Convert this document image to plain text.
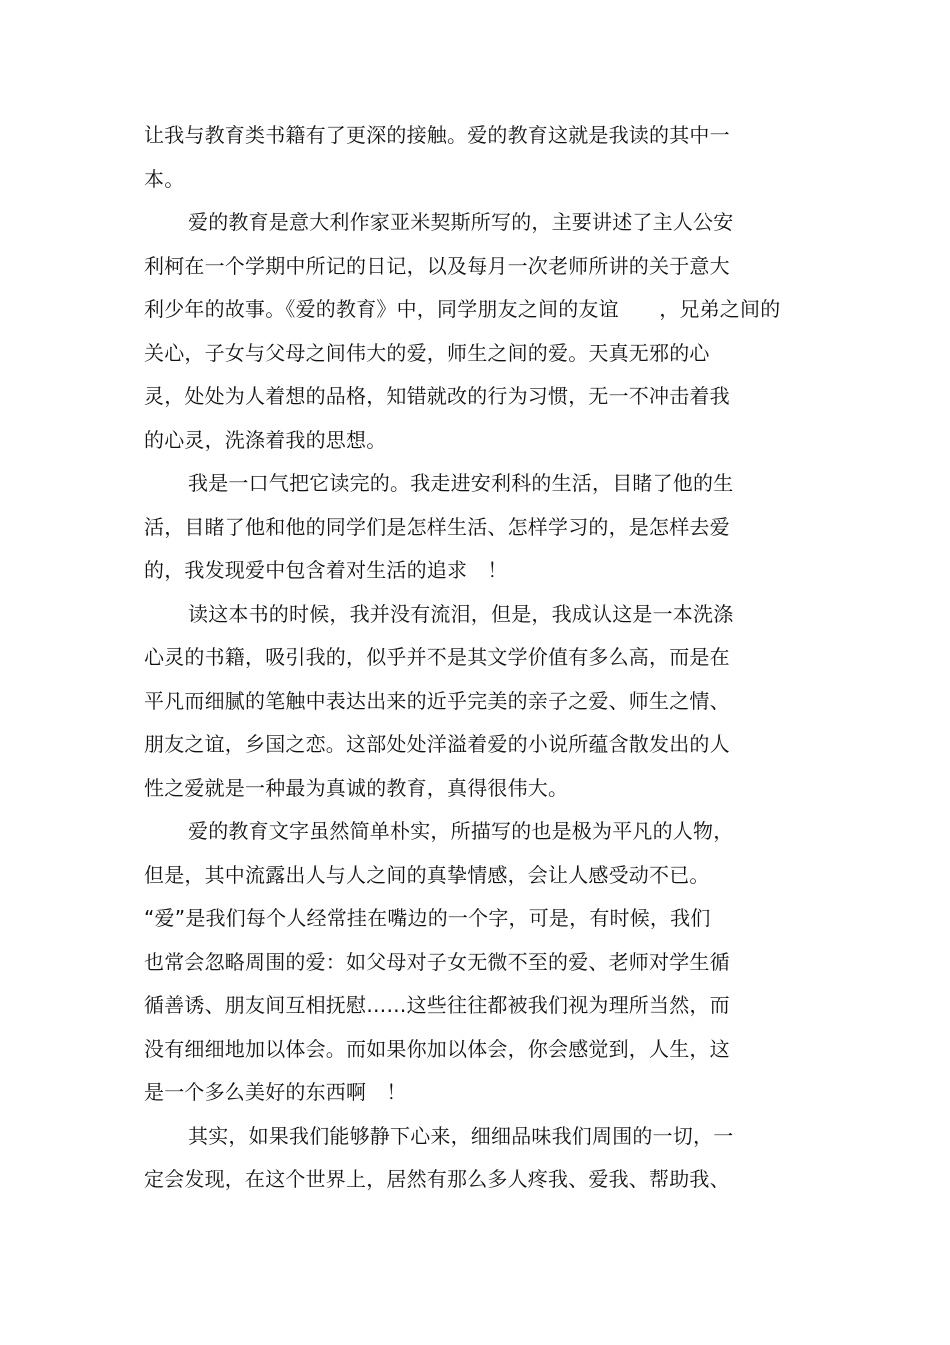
让我与教育类书籍有了更深的接触。爱的教育这就是我读的其中一
本。
爱的教育是意大利作家亚米契斯所写的，主要讲述了主人公安
利柯在一个学期中所记的日记，以及每月一次老师所讲的关于意大
利少年的故事。《爱的教育》中，同学朋友之间的友谊　　，兄弟之间的
关心，子女与父母之间伟大的爱，师生之间的爱。天真无邪的心
灵，处处为人着想的品格，知错就改的行为习惯，无一不冲击着我
的心灵，洗涤着我的思想。
我是一口气把它读完的。我走进安利科的生活，目睹了他的生
活，目睹了他和他的同学们是怎样生活、怎样学习的，是怎样去爱
的，我发现爱中包含着对生活的追求　！
读这本书的时候，我并没有流泪，但是，我成认这是一本洗涤
心灵的书籍，吸引我的，似乎并不是其文学价值有多么高，而是在
平凡而细腻的笔触中表达出来的近乎完美的亲子之爱、师生之情、
朋友之谊，乡国之恋。这部处处洋溢着爱的小说所蕴含散发出的人
性之爱就是一种最为真诚的教育，真得很伟大。
爱的教育文字虽然简单朴实，所描写的也是极为平凡的人物，
但是，其中流露出人与人之间的真挚情感，会让人感受动不已。
“爱”是我们每个人经常挂在嘴边的一个字，可是，有时候，我们
也常会忽略周围的爱：如父母对子女无微不至的爱、老师对学生循
循善诱、朋友间互相抚慰……这些往往都被我们视为理所当然，而
没有细细地加以体会。而如果你加以体会，你会感觉到，人生，这
是一个多么美好的东西啊　！
其实，如果我们能够静下心来，细细品味我们周围的一切，一
定会发现，在这个世界上，居然有那么多人疼我、爱我、帮助我、
